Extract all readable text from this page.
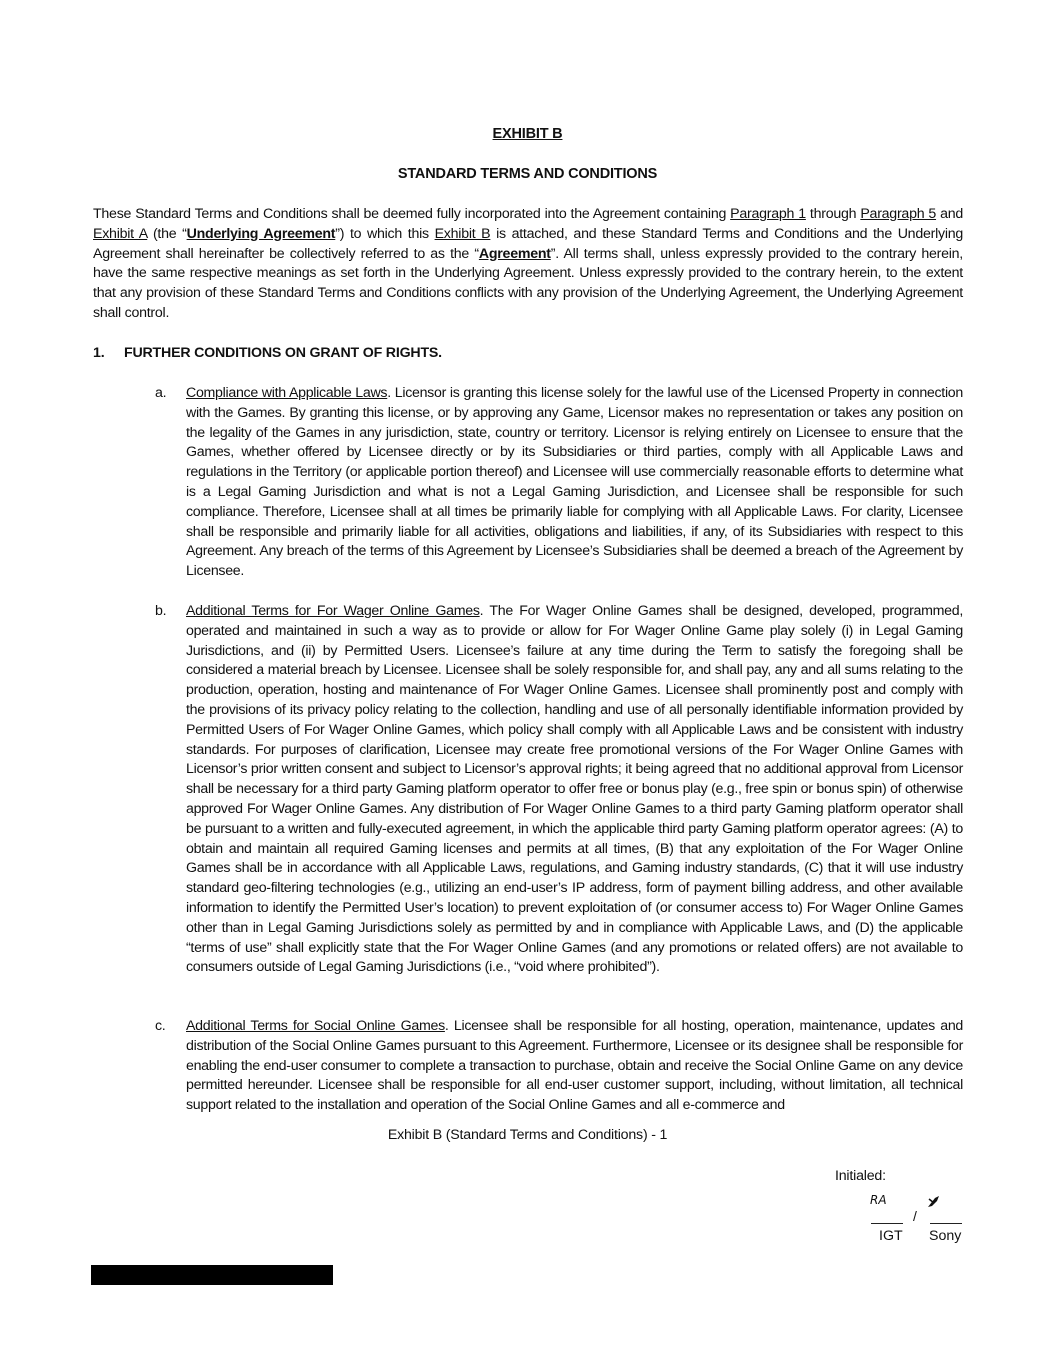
EXHIBIT B
STANDARD TERMS AND CONDITIONS

These Standard Terms and Conditions shall be deemed fully incorporated into the Agreement containing Paragraph 1 through Paragraph 5 and Exhibit A (the “Underlying Agreement”) to which this Exhibit B is attached, and these Standard Terms and Conditions and the Underlying Agreement shall hereinafter be collectively referred to as the “Agreement”. All terms shall, unless expressly provided to the contrary herein, have the same respective meanings as set forth in the Underlying Agreement. Unless expressly provided to the contrary herein, to the extent that any provision of these Standard Terms and Conditions conflicts with any provision of the Underlying Agreement, the Underlying Agreement shall control.

1. FURTHER CONDITIONS ON GRANT OF RIGHTS.
a.	Compliance with Applicable Laws. Licensor is granting this license solely for the lawful use of the Licensed Property in connection with the Games. By granting this license, or by approving any Game, Licensor makes no representation or takes any position on the legality of the Games in any jurisdiction, state, country or territory. Licensor is relying entirely on Licensee to ensure that the Games, whether offered by Licensee directly or by its Subsidiaries or third parties, comply with all Applicable Laws and regulations in the Territory (or applicable portion thereof) and Licensee will use commercially reasonable efforts to determine what is a Legal Gaming Jurisdiction and what is not a Legal Gaming Jurisdiction, and Licensee shall be responsible for such compliance. Therefore, Licensee shall at all times be primarily liable for complying with all Applicable Laws. For clarity, Licensee shall be responsible and primarily liable for all activities, obligations and liabilities, if any, of its Subsidiaries with respect to this Agreement. Any breach of the terms of this Agreement by Licensee’s Subsidiaries shall be deemed a breach of the Agreement by Licensee.
b.	Additional Terms for For Wager Online Games. The For Wager Online Games shall be designed, developed, programmed, operated and maintained in such a way as to provide or allow for For Wager Online Game play solely (i) in Legal Gaming Jurisdictions, and (ii) by Permitted Users. Licensee’s failure at any time during the Term to satisfy the foregoing shall be considered a material breach by Licensee. Licensee shall be solely responsible for, and shall pay, any and all sums relating to the production, operation, hosting and maintenance of For Wager Online Games. Licensee shall prominently post and comply with the provisions of its privacy policy relating to the collection, handling and use of all personally identifiable information provided by Permitted Users of For Wager Online Games, which policy shall comply with all Applicable Laws and be consistent with industry standards. For purposes of clarification, Licensee may create free promotional versions of the For Wager Online Games with Licensor’s prior written consent and subject to Licensor’s approval rights; it being agreed that no additional approval from Licensor shall be necessary for a third party Gaming platform operator to offer free or bonus play (e.g., free spin or bonus spin) of otherwise approved For Wager Online Games. Any distribution of For Wager Online Games to a third party Gaming platform operator shall be pursuant to a written and fully-executed agreement, in which the applicable third party Gaming platform operator agrees: (A) to obtain and maintain all required Gaming licenses and permits at all times, (B) that any exploitation of the For Wager Online Games shall be in accordance with all Applicable Laws, regulations, and Gaming industry standards, (C) that it will use industry standard geo-filtering technologies (e.g., utilizing an end-user’s IP address, form of payment billing address, and other available information to identify the Permitted User’s location) to prevent exploitation of (or consumer access to) For Wager Online Games other than in Legal Gaming Jurisdictions solely as permitted by and in compliance with Applicable Laws, and (D) the applicable “terms of use” shall explicitly state that the For Wager Online Games (and any promotions or related offers) are not available to consumers outside of Legal Gaming Jurisdictions (i.e., “void where prohibited”).
c.	Additional Terms for Social Online Games. Licensee shall be responsible for all hosting, operation, maintenance, updates and distribution of the Social Online Games pursuant to this Agreement. Furthermore, Licensee or its designee shall be responsible for enabling the end-user consumer to complete a transaction to purchase, obtain and receive the Social Online Game on any device permitted hereunder. Licensee shall be responsible for all end-user customer support, including, without limitation, all technical support related to the installation and operation of the Social Online Games and all e-commerce and
Exhibit B (Standard Terms and Conditions) - 1
Initialed:
RA
/
IGT Sony
